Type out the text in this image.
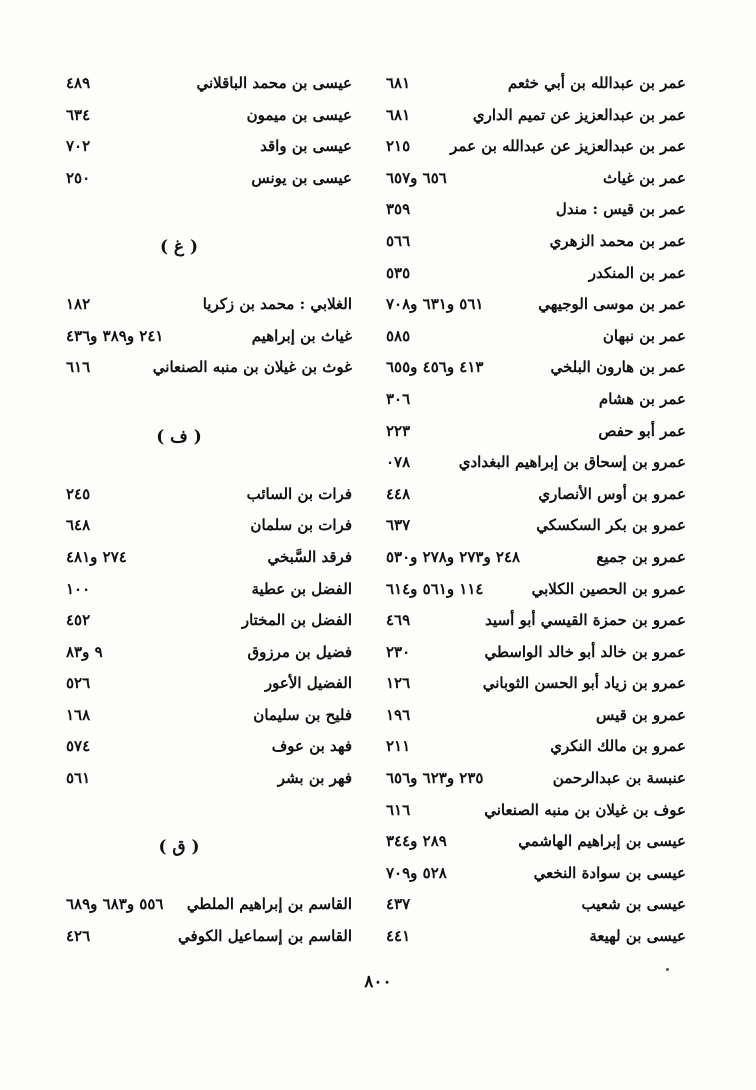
عمر بن عبدالله بن أبي خثعم
٦٨١
عمر بن عبدالعزيز عن تميم الداري
٦٨١
عمر بن عبدالعزيز عن عبدالله بن عمر
٢١٥
عمر بن غياث
٦٥٦ و٦٥٧
عمر بن قيس : مندل
٣٥٩
عمر بن محمد الزهري
٥٦٦
عمر بن المنكدر
٥٣٥
عمر بن موسى الوجيهي
٥٦١ و٦٣١ و٧٠٨
عمر بن نبهان
٥٨٥
عمر بن هارون البلخي
٤١٣ و٤٥٦ و٦٥٥
عمر بن هشام
٣٠٦
عمر أبو حفص
٢٢٣
عمرو بن إسحاق بن إبراهيم البغدادي
٠٧٨
عمرو بن أوس الأنصاري
٤٤٨
عمرو بن بكر السكسكي
٦٣٧
عمرو بن جميع
٢٤٨ و٢٧٣ و٢٧٨ و٥٣٠
عمرو بن الحصين الكلابي
١١٤ و٥٦١ و٦١٤
عمرو بن حمزة القيسي أبو أسيد
٤٦٩
عمرو بن خالد أبو خالد الواسطي
٢٣٠
عمرو بن زياد أبو الحسن الثوباني
١٢٦
عمرو بن قيس
١٩٦
عمرو بن مالك النكري
٢١١
عنبسة بن عبدالرحمن
٢٣٥ و٦٢٣ و٦٥٦
عوف بن غيلان بن منبه الصنعاني
٦١٦
عيسى بن إبراهيم الهاشمي
٢٨٩ و٣٤٤
عيسى بن سوادة النخعي
٥٢٨ و٧٠٩
عيسى بن شعيب
٤٣٧
عيسى بن لهيعة
٤٤١
عيسى بن محمد الباقلاني
٤٨٩
عيسى بن ميمون
٦٣٤
عيسى بن واقد
٧٠٢
عيسى بن يونس
٢٥٠
( غ )
الغلابي : محمد بن زكريا
١٨٢
غياث بن إبراهيم
٢٤١ و٣٨٩ و٤٣٦
غوث بن غيلان بن منبه الصنعاني
٦١٦
( ف )
فرات بن السائب
٢٤٥
فرات بن سلمان
٦٤٨
فرقد السَّبخي
٢٧٤ و٤٨١
الفضل بن عطية
١٠٠
الفضل بن المختار
٤٥٢
فضيل بن مرزوق
٩ و٨٣
الفضيل الأعور
٥٢٦
فليح بن سليمان
١٦٨
فهد بن عوف
٥٧٤
فهر بن بشر
٥٦١
( ق )
القاسم بن إبراهيم الملطي
٥٥٦ و٦٨٣ و٦٨٩
القاسم بن إسماعيل الكوفي
٤٢٦
٨٠٠
